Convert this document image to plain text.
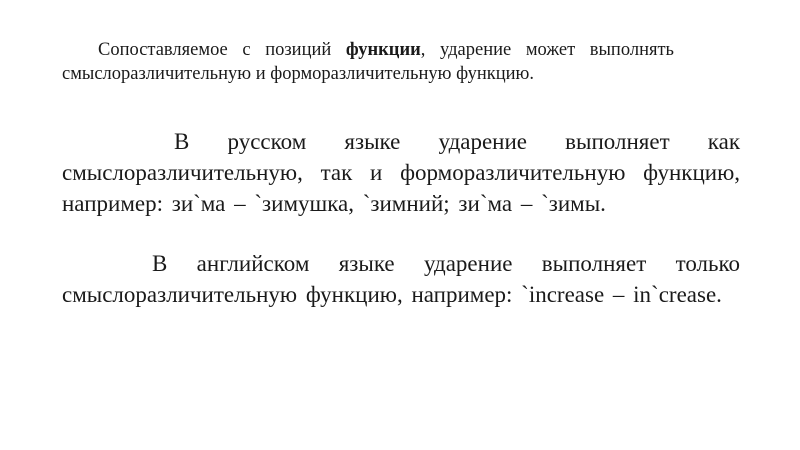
Сопоставляемое с позиций функции, ударение может выполнять смыслоразличительную и форморазличительную функцию.

В русском языке ударение выполняет как смыслоразличительную, так и форморазличительную функцию, например: зи`ма – `зимушка, `зимний; зи`ма – `зимы.

В английском языке ударение выполняет только смыслоразличительную функцию, например: `increase – in`crease.
